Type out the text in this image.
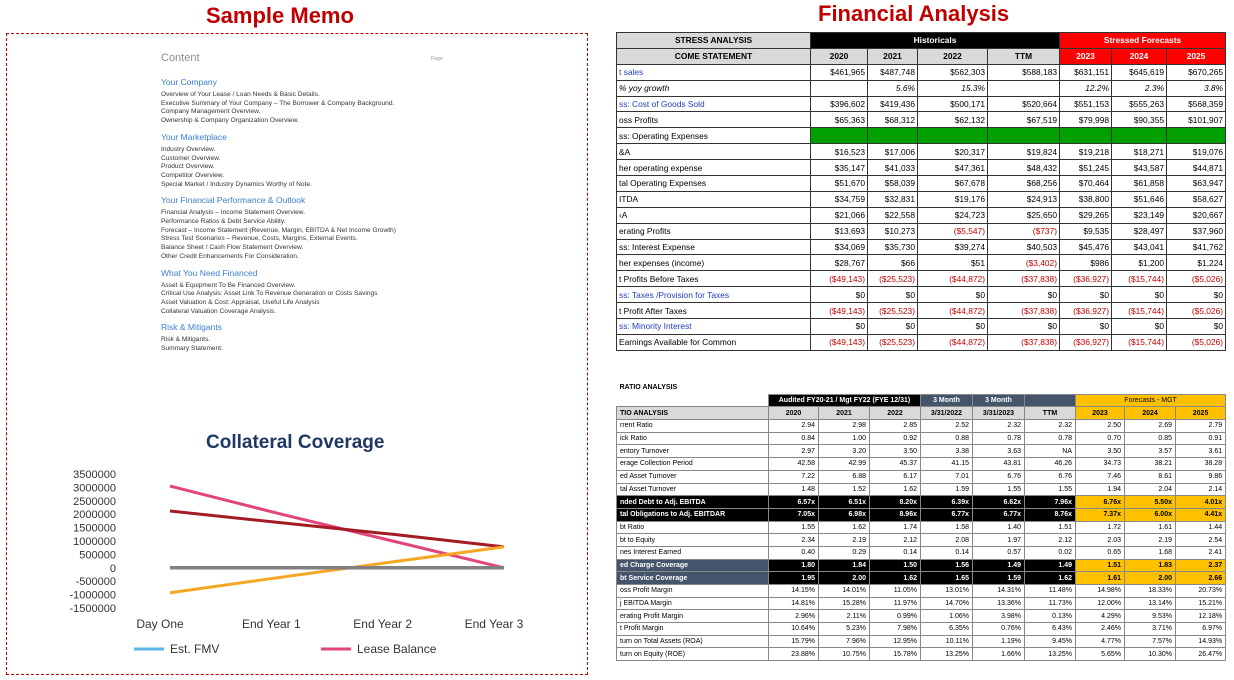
Sample Memo	Financial Analysis
Content	Page
Your Company
Overview of Your Lease / Loan Needs & Basic Details.
Executive Summary of Your Company – The Borrower & Company Background.
Company Management Overview.
Ownership & Company Organization Overview.
Your Marketplace
Industry Overview.
Customer Overview.
Product Overview.
Competitor Overview.
Special Market / Industry Dynamics Worthy of Note.
Your Financial Performance & Outlook
Financial Analysis – Income Statement Overview.
Performance Ratios & Debt Service Ability.
Forecast – Income Statement (Revenue, Margin, EBITDA & Net Income Growth)
Stress Test Scenarios – Revenue, Costs, Margins, External Events.
Balance Sheet / Cash Flow Statement Overview.
Other Credit Enhancements For Consideration.
What You Need Financed
Asset & Equipment To Be Financed Overview.
Critical Use Analysis: Asset Link To Revenue Generation or Costs Savings
Asset Valuation & Cost: Appraisal, Useful Life Analysis
Collateral Valuation Coverage Analysis.
Risk & Mitigants
Risk & Mitigants.
Summary Statement.
Collateral Coverage
3500000
3000000
2500000
2000000
1500000
1000000
500000
0
-500000
-1000000
-1500000
Day One	End Year 1	End Year 2	End Year 3
Est. FMV	Lease Balance
STRESS ANALYSIS	Historicals				Stressed Forecasts		
COME STATEMENT	2020	2021	2022	TTM	2023	2024	2025
t sales	$461,965	$487,748	$562,303	$588,183	$631,151	$645,619	$670,265
% yoy growth		5.6%	15.3%		12.2%	2.3%	3.8%
ss: Cost of Goods Sold	$396,602	$419,436	$500,171	$520,664	$551,153	$555,263	$568,359
oss Profits	$65,363	$68,312	$62,132	$67,519	$79,998	$90,355	$101,907
ss: Operating Expenses							
&A	$16,523	$17,006	$20,317	$19,824	$19,218	$18,271	$19,076
her operating expense	$35,147	$41,033	$47,361	$48,432	$51,245	$43,587	$44,871
tal Operating Expenses	$51,670	$58,039	$67,678	$68,256	$70,464	$61,858	$63,947
ITDA	$34,759	$32,831	$19,176	$24,913	$38,800	$51,646	$58,627
‹A	$21,066	$22,558	$24,723	$25,650	$29,265	$23,149	$20,667
erating Profits	$13,693	$10,273	($5,547)	($737)	$9,535	$28,497	$37,960
ss: Interest Expense	$34,069	$35,730	$39,274	$40,503	$45,476	$43,041	$41,762
her expenses (income)	$28,767	$66	$51	($3,402)	$986	$1,200	$1,224
t Profits Before Taxes	($49,143)	($25,523)	($44,872)	($37,838)	($36,927)	($15,744)	($5,026)
ss: Taxes /Provision for Taxes	$0	$0	$0	$0	$0	$0	$0
t Profit After Taxes	($49,143)	($25,523)	($44,872)	($37,838)	($36,927)	($15,744)	($5,026)
ss: Minority Interest	$0	$0	$0	$0	$0	$0	$0
Earnings Available for Common	($49,143)	($25,523)	($44,872)	($37,838)	($36,927)	($15,744)	($5,026)
RATIO ANALYSIS									
	Audited FY20-21 / Mgt FY22 (FYE 12/31)			3 Month	3 Month		Forecasts - MGT		
TIO ANALYSIS	2020	2021	2022	3/31/2022	3/31/2023	TTM	2023	2024	2025
rrent Ratio	2.94	2.98	2.85	2.52	2.32	2.32	2.50	2.69	2.79
ick Ratio	0.84	1.00	0.92	0.88	0.78	0.78	0.70	0.85	0.91
entory Turnover	2.97	3.20	3.50	3.38	3.63	NA	3.50	3.57	3.61
erage Collection Period	42.58	42.99	45.37	41.15	43.81	46.26	34.73	38.21	38.28
ed Asset Turnover	7.22	6.88	6.17	7.01	6.76	6.76	7.46	8.61	9.86
tal Asset Turnover	1.48	1.52	1.62	1.59	1.55	1.55	1.94	2.04	2.14
nded Debt to Adj. EBITDA	6.57x	6.51x	8.20x	6.39x	6.62x	7.96x	6.76x	5.50x	4.01x
tal Obligations to Adj. EBITDAR	7.05x	6.98x	8.96x	6.77x	6.77x	8.76x	7.37x	6.00x	4.41x
bt Ratio	1.55	1.62	1.74	1.58	1.40	1.51	1.72	1.61	1.44
bt to Equity	2.34	2.19	2.12	2.08	1.97	2.12	2.03	2.19	2.54
nes Interest Earned	0.40	0.29	0.14	0.14	0.57	0.02	0.65	1.68	2.41
ed Charge Coverage	1.80	1.84	1.50	1.56	1.49	1.49	1.51	1.83	2.37
bt Service Coverage	1.95	2.00	1.62	1.65	1.59	1.62	1.61	2.00	2.66
oss Profit Margin	14.15%	14.01%	11.05%	13.01%	14.31%	11.48%	14.98%	18.33%	20.73%
j EBITDA Margin	14.81%	15.28%	11.97%	14.70%	13.36%	11.73%	12.00%	13.14%	15.21%
erating Profit Margin	2.96%	2.11%	0.99%	1.06%	3.98%	0.13%	4.29%	9.53%	12.18%
t Profit Margin	10.64%	5.23%	7.98%	6.35%	0.76%	6.43%	2.46%	3.71%	6.97%
turn on Total Assets (ROA)	15.79%	7.96%	12.95%	10.11%	1.19%	9.45%	4.77%	7.57%	14.93%
turn on Equity (ROE)	23.88%	10.75%	15.78%	13.25%	1.66%	13.25%	5.65%	10.30%	26.47%
